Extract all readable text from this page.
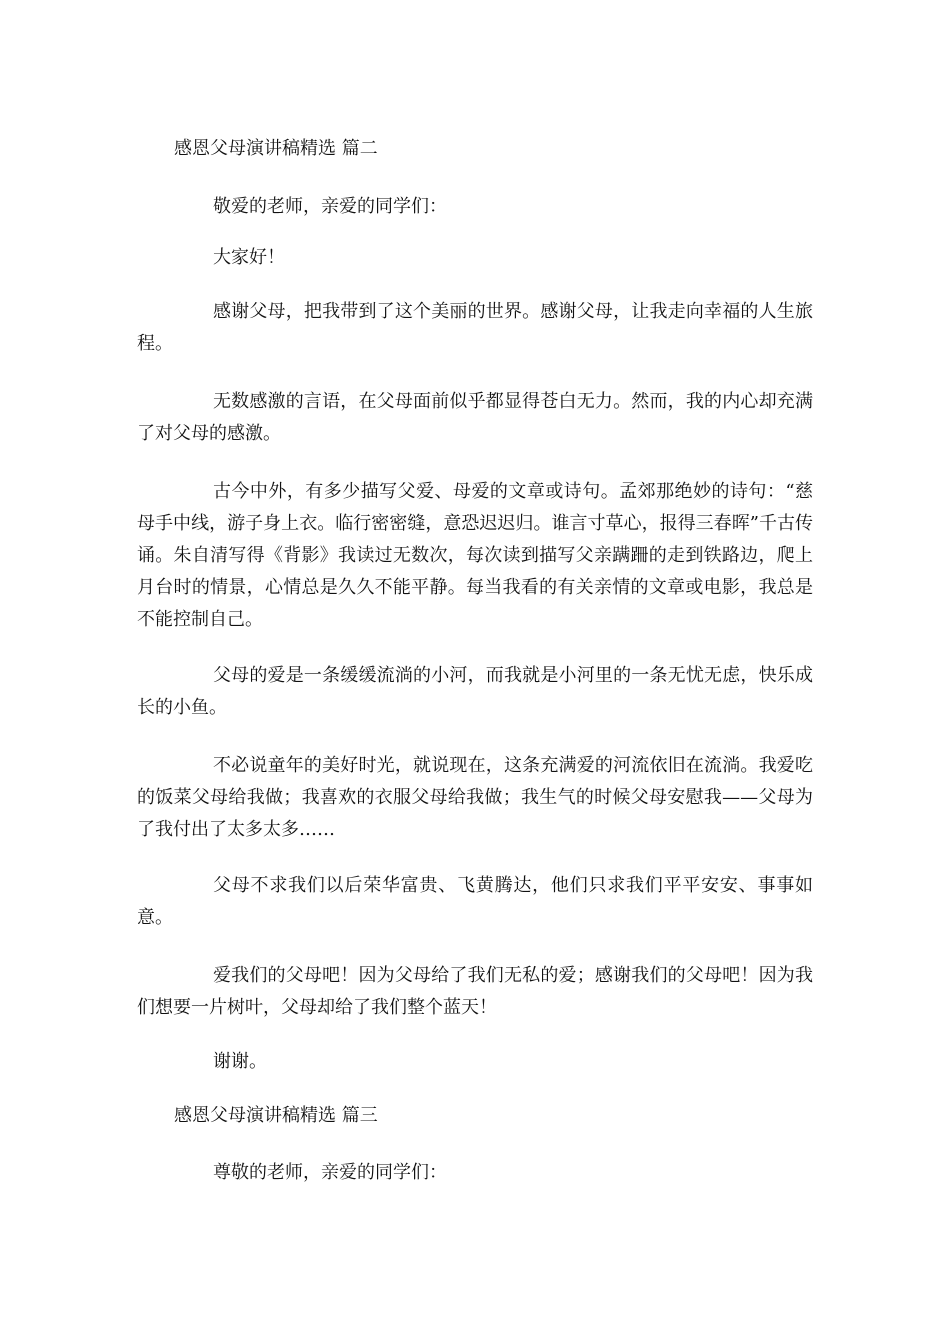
感恩父母演讲稿精选 篇二

敬爱的老师，亲爱的同学们：

大家好！

感谢父母，把我带到了这个美丽的世界。感谢父母，让我走向幸福的人生旅程。

无数感激的言语，在父母面前似乎都显得苍白无力。然而，我的内心却充满了对父母的感激。

古今中外，有多少描写父爱、母爱的文章或诗句。孟郊那绝妙的诗句：“慈母手中线，游子身上衣。临行密密缝，意恐迟迟归。谁言寸草心，报得三春晖”千古传诵。朱自清写得《背影》我读过无数次，每次读到描写父亲蹒跚的走到铁路边，爬上月台时的情景，心情总是久久不能平静。每当我看的有关亲情的文章或电影，我总是不能控制自己。

父母的爱是一条缓缓流淌的小河，而我就是小河里的一条无忧无虑，快乐成长的小鱼。

不必说童年的美好时光，就说现在，这条充满爱的河流依旧在流淌。我爱吃的饭菜父母给我做；我喜欢的衣服父母给我做；我生气的时候父母安慰我——父母为了我付出了太多太多……

父母不求我们以后荣华富贵、飞黄腾达，他们只求我们平平安安、事事如意。

爱我们的父母吧！因为父母给了我们无私的爱；感谢我们的父母吧！因为我们想要一片树叶，父母却给了我们整个蓝天！

谢谢。

感恩父母演讲稿精选 篇三

尊敬的老师，亲爱的同学们：
